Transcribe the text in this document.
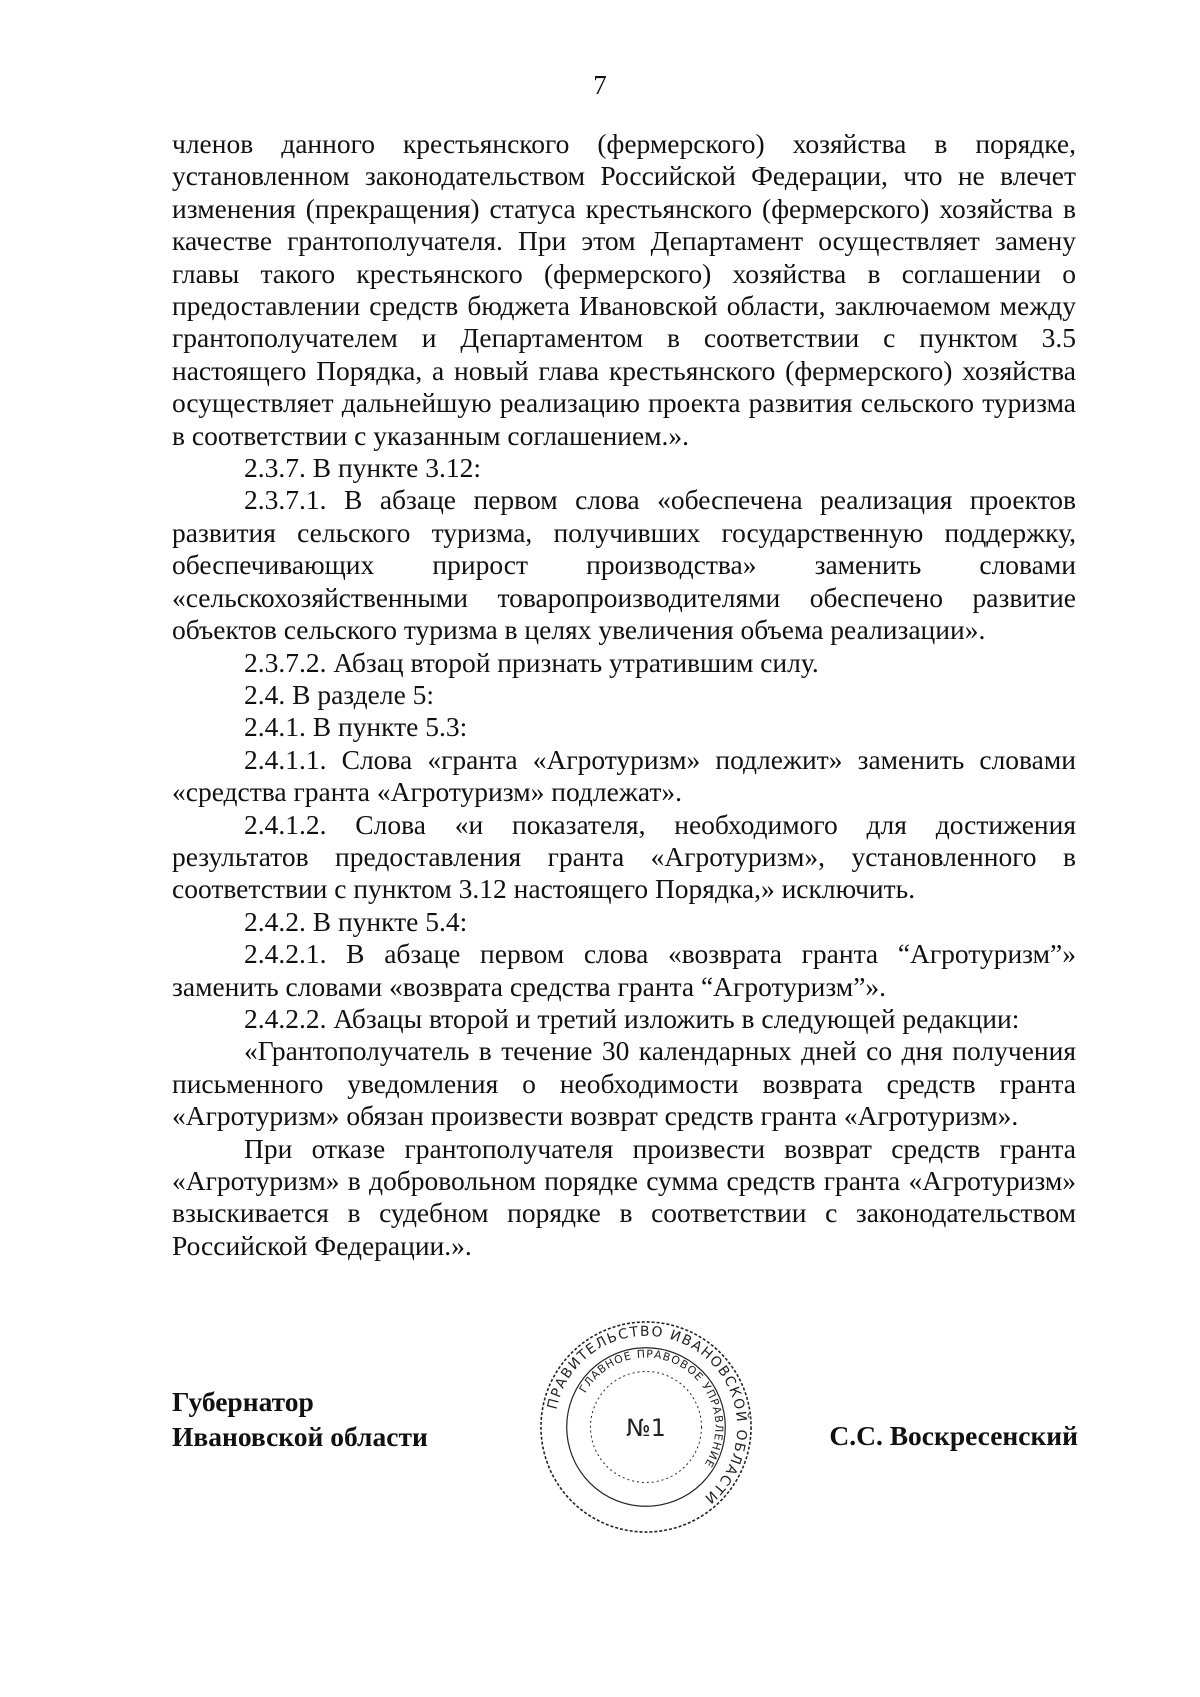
7

членов данного крестьянского (фермерского) хозяйства в порядке, установленном законодательством Российской Федерации, что не влечет изменения (прекращения) статуса крестьянского (фермерского) хозяйства в качестве грантополучателя. При этом Департамент осуществляет замену главы такого крестьянского (фермерского) хозяйства в соглашении о предоставлении средств бюджета Ивановской области, заключаемом между грантополучателем и Департаментом в соответствии с пунктом 3.5 настоящего Порядка, а новый глава крестьянского (фермерского) хозяйства осуществляет дальнейшую реализацию проекта развития сельского туризма в соответствии с указанным соглашением.».

2.3.7. В пункте 3.12:

2.3.7.1. В абзаце первом слова «обеспечена реализация проектов развития сельского туризма, получивших государственную поддержку, обеспечивающих прирост производства» заменить словами «сельскохозяйственными товаропроизводителями обеспечено развитие объектов сельского туризма в целях увеличения объема реализации».

2.3.7.2. Абзац второй признать утратившим силу.

2.4. В разделе 5:

2.4.1. В пункте 5.3:

2.4.1.1. Слова «гранта «Агротуризм» подлежит» заменить словами «средства гранта «Агротуризм» подлежат».

2.4.1.2. Слова «и показателя, необходимого для достижения результатов предоставления гранта «Агротуризм», установленного в соответствии с пунктом 3.12 настоящего Порядка,» исключить.

2.4.2. В пункте 5.4:

2.4.2.1. В абзаце первом слова «возврата гранта “Агротуризм”» заменить словами «возврата средства гранта “Агротуризм”».

2.4.2.2. Абзацы второй и третий изложить в следующей редакции:

«Грантополучатель в течение 30 календарных дней со дня получения письменного уведомления о необходимости возврата средств гранта «Агротуризм» обязан произвести возврат средств гранта «Агротуризм».

При отказе грантополучателя произвести возврат средств гранта «Агротуризм» в добровольном порядке сумма средств гранта «Агротуризм» взыскивается в судебном порядке в соответствии с законодательством Российской Федерации.».

Губернатор
Ивановской области
ПРАВИТЕЛЬСТВО ИВАНОВСКОЙ ОБЛАСТИ
ГЛАВНОЕ ПРАВОВОЕ УПРАВЛЕНИЕ
№1	С.С. Воскресенский
